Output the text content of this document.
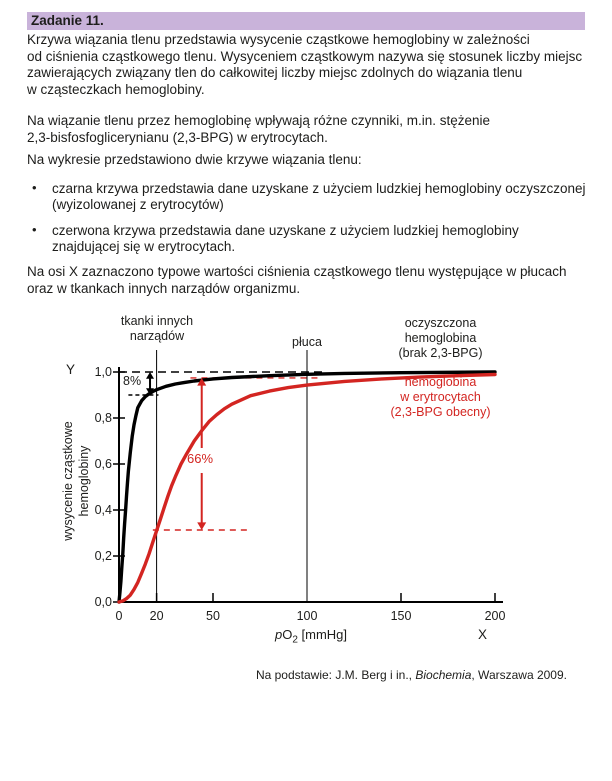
Zadanie 11.
Krzywa wiązania tlenu przedstawia wysycenie cząstkowe hemoglobiny w zależności
od ciśnienia cząstkowego tlenu. Wysyceniem cząstkowym nazywa się stosunek liczby miejsc
zawierających związany tlen do całkowitej liczby miejsc zdolnych do wiązania tlenu
w cząsteczkach hemoglobiny.
Na wiązanie tlenu przez hemoglobinę wpływają różne czynniki, m.in. stężenie
2,3-bisfosfoglicerynianu (2,3-BPG) w erytrocytach.
Na wykresie przedstawiono dwie krzywe wiązania tlenu:
• czarna krzywa przedstawia dane uzyskane z użyciem ludzkiej hemoglobiny oczyszczonej
(wyizolowanej z erytrocytów)
• czerwona krzywa przedstawia dane uzyskane z użyciem ludzkiej hemoglobiny
znajdującej się w erytrocytach.
Na osi X zaznaczono typowe wartości ciśnienia cząstkowego tlenu występujące w płucach
oraz w tkankach innych narządów organizmu.
Y
X
wysycenie cząstkowe hemoglobiny
$pO_2$ [mmHg]
tkanki innych
narządów	płuca
oczyszczona
hemoglobina
(brak 2,3-BPG)
hemoglobina
w erytrocytach
(2,3-BPG obecny)
8%
66%
0,0
0,2
0,4
0,6
0,8
1,0
0	20	50	100	150	200
Na podstawie: J.M. Berg i in., Biochemia, Warszawa 2009.
